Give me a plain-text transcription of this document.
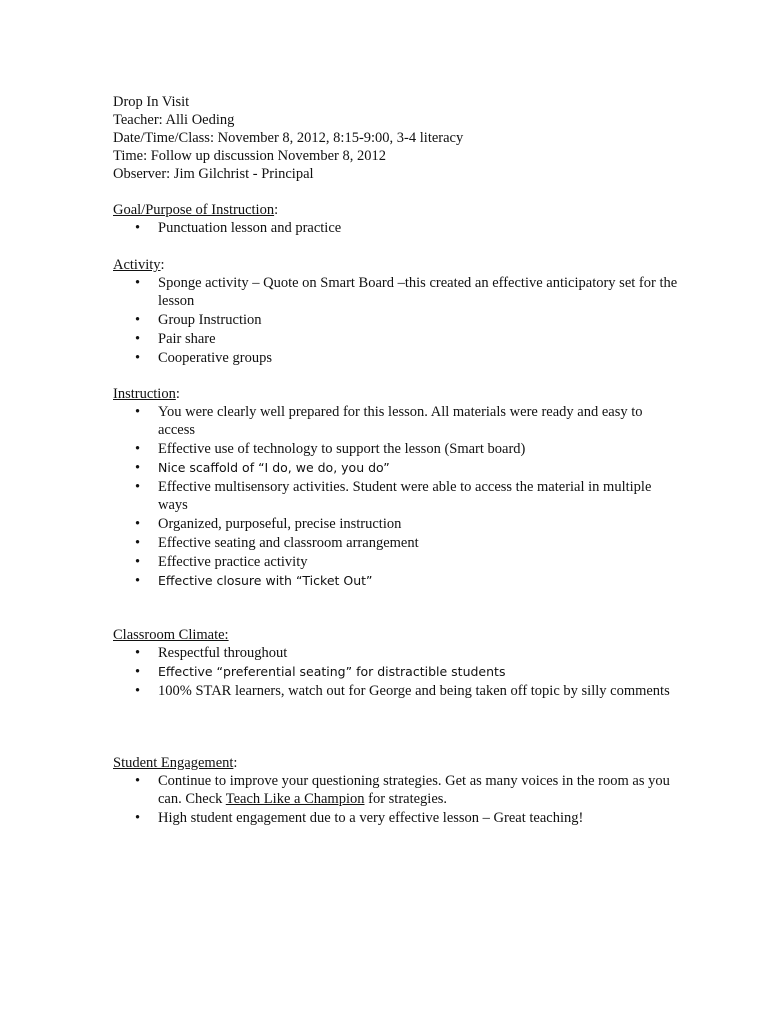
Drop In Visit
Teacher: Alli Oeding
Date/Time/Class: November 8, 2012, 8:15-9:00, 3-4 literacy
Time: Follow up discussion November 8, 2012
Observer: Jim Gilchrist - Principal
Goal/Purpose of Instruction:
• Punctuation lesson and practice
Activity:
• Sponge activity – Quote on Smart Board –this created an effective anticipatory set for the lesson
• Group Instruction
• Pair share
• Cooperative groups
Instruction:
• You were clearly well prepared for this lesson. All materials were ready and easy to access
• Effective use of technology to support the lesson (Smart board)
• Nice scaffold of “I do, we do, you do”
• Effective multisensory activities. Student were able to access the material in multiple ways
• Organized, purposeful, precise instruction
• Effective seating and classroom arrangement
• Effective practice activity
• Effective closure with “Ticket Out”
Classroom Climate:
• Respectful throughout
• Effective “preferential seating” for distractible students
• 100% STAR learners, watch out for George and being taken off topic by silly comments
Student Engagement:
• Continue to improve your questioning strategies. Get as many voices in the room as you can. Check Teach Like a Champion for strategies.
• High student engagement due to a very effective lesson – Great teaching!
